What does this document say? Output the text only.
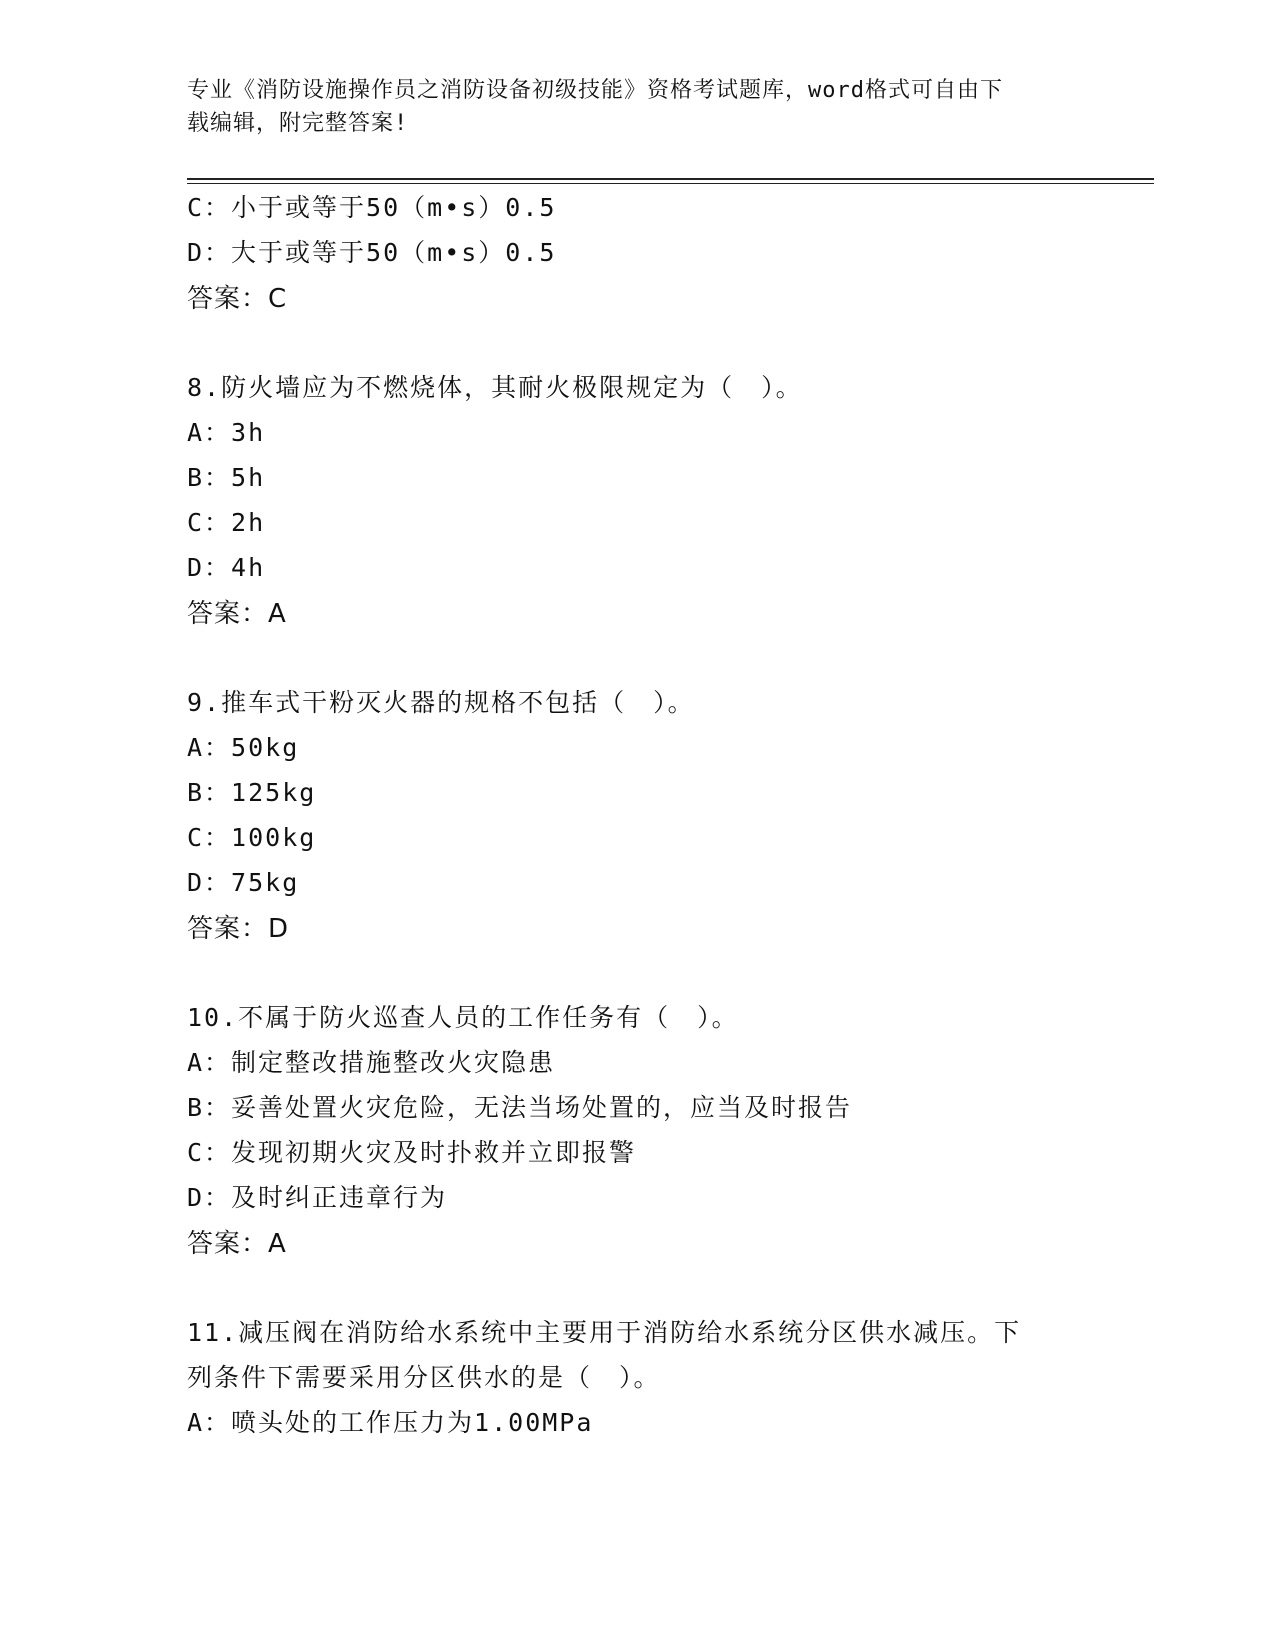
专业《消防设施操作员之消防设备初级技能》资格考试题库，word格式可自由下
载编辑，附完整答案!
C：小于或等于50（m•s）0.5
D：大于或等于50（m•s）0.5
答案：C
8.防火墙应为不燃烧体，其耐火极限规定为（　）。
A：3h
B：5h
C：2h
D：4h
答案：A
9.推车式干粉灭火器的规格不包括（　）。
A：50kg
B：125kg
C：100kg
D：75kg
答案：D
10.不属于防火巡查人员的工作任务有（　）。
A：制定整改措施整改火灾隐患
B：妥善处置火灾危险，无法当场处置的，应当及时报告
C：发现初期火灾及时扑救并立即报警
D：及时纠正违章行为
答案：A
11.减压阀在消防给水系统中主要用于消防给水系统分区供水减压。下
列条件下需要采用分区供水的是（　）。
A：喷头处的工作压力为1.00MPa
